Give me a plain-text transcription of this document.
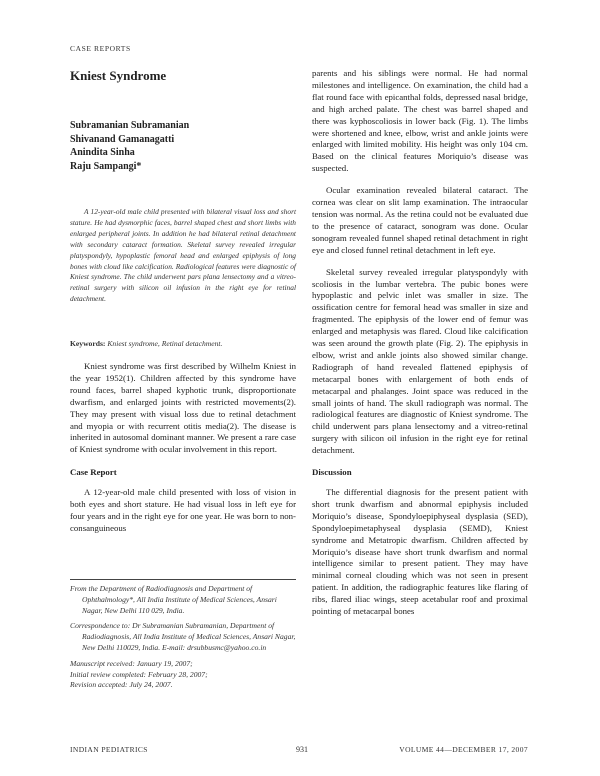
CASE REPORTS
Kniest Syndrome
Subramanian Subramanian
Shivanand Gamanagatti
Anindita Sinha
Raju Sampangi*
A 12-year-old male child presented with bilateral visual loss and short stature. He had dysmorphic faces, barrel shaped chest and short limbs with enlarged peripheral joints. In addition he had bilateral retinal detachment with secondary cataract formation. Skeletal survey revealed irregular platyspondyly, hypoplastic femoral head and enlarged epiphysis of long bones with cloud like calcification. Radiological features were diagnostic of Kniest syndrome. The child underwent pars plana lensectomy and a vitreo-retinal surgery with silicon oil infusion in the right eye for retinal detachment.
Keywords: Kniest syndrome, Retinal detachment.

Kniest syndrome was first described by Wilhelm Kniest in the year 1952(1). Children affected by this syndrome have round faces, barrel shaped kyphotic trunk, disproportionate dwarfism, and enlarged joints with restricted movements(2). They may present with visual loss due to retinal detachment and myopia or with recurrent otitis media(2). The disease is inherited in autosomal dominant manner. We present a rare case of Kniest syndrome with ocular involvement in this report.

Case Report

A 12-year-old male child presented with loss of vision in both eyes and short stature. He had visual loss in left eye for four years and in the right eye for one year. He was born to non-consanguineous

From the Department of Radiodiagnosis and Department of Ophthalmology*, All India Institute of Medical Sciences, Ansari Nagar, New Delhi 110 029, India.

Correspondence to: Dr Subramanian Subramanian, Department of Radiodiagnosis, All India Institute of Medical Sciences, Ansari Nagar, New Delhi 110029, India. E-mail: drsubbusmc@yahoo.co.in

Manuscript received: January 19, 2007;

Initial review completed: February 28, 2007;

Revision accepted: July 24, 2007.

parents and his siblings were normal. He had normal milestones and intelligence. On examination, the child had a flat round face with epicanthal folds, depressed nasal bridge, and high arched palate. The chest was barrel shaped and there was kyphoscoliosis in lower back (Fig. 1). The limbs were shortened and knee, elbow, wrist and ankle joints were enlarged with limited mobility. His height was only 104 cm. Based on the clinical features Moriquio’s disease was suspected.

Ocular examination revealed bilateral cataract. The cornea was clear on slit lamp examination. The intraocular tension was normal. As the retina could not be evaluated due to the presence of cataract, sonogram was done. Ocular sonogram revealed funnel shaped retinal detachment in right eye and closed funnel retinal detachment in left eye.

Skeletal survey revealed irregular platyspondyly with scoliosis in the lumbar vertebra. The pubic bones were hypoplastic and pelvic inlet was smaller in size. The ossification centre for femoral head was smaller in size and fragmented. The epiphysis of the lower end of femur was enlarged and metaphysis was flared. Cloud like calcification was seen around the growth plate (Fig. 2). The epiphysis in elbow, wrist and ankle joints also showed similar change. Radiograph of hand revealed flattened epiphysis of metacarpal bones with enlargement of both ends of metacarpal and phalanges. Joint space was reduced in the small joints of hand. The skull radiograph was normal. The radiological features are diagnostic of Kniest syndrome. The child underwent pars plana lensectomy and a vitreo-retinal surgery with silicon oil infusion in the right eye for retinal detachment.

Discussion

The differential diagnosis for the present patient with short trunk dwarfism and abnormal epiphysis included Moriquio’s disease, Spondyloepiphyseal dysplasia (SED), Spondyloepimetaphyseal dysplasia (SEMD), Kniest syndrome and Metatropic dwarfism. Children affected by Moriquio’s disease have short trunk dwarfism and normal intelligence similar to present patient. They may have minimal corneal clouding which was not seen in present patient. In addition, the radiographic features like flaring of ribs, flared iliac wings, steep acetabular roof and proximal pointing of metacarpal bones

INDIAN PEDIATRICS	931	VOLUME 44—DECEMBER 17, 2007
